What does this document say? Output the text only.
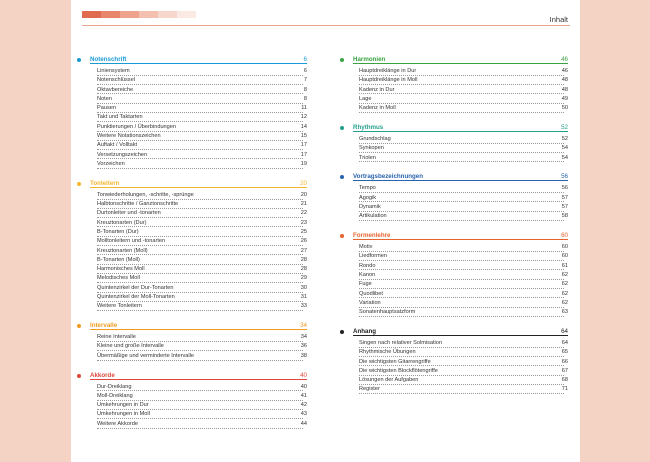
Inhalt
Notenschrift	6
Liniensystem	6
Notenschlüssel	7
Oktavbereiche	8
Noten	8
Pausen	11
Takt und Taktarten	12
Punktierungen / Überbindungen	14
Weitere Notationszeichen	15
Auftakt / Volltakt	17
Versetzungszeichen	17
Vorzeichen	19
Tonleitern	20
Tonwiederholungen, -schritte, -sprünge	20
Halbtonschritte / Ganztonschritte	21
Durtonleiter und -tonarten	22
Kreuztonarten (Dur)	23
B-Tonarten (Dur)	25
Molltonleitern und -tonarten	26
Kreuztonarten (Moll)	27
B-Tonarten (Moll)	28
Harmonisches Moll	28
Melodisches Moll	29
Quintenzirkel der Dur-Tonarten	30
Quintenzirkel der Moll-Tonarten	31
Weitere Tonleitern	33
Intervalle	34
Reine Intervalle	34
Kleine und große Intervalle	36
Übermäßige und verminderte Intervalle	38
Akkorde	40
Dur-Dreiklang	40
Moll-Dreiklang	41
Umkehrungen in Dur	42
Umkehrungen in Moll	43
Weitere Akkorde	44
Harmonien	46
Hauptdreiklänge in Dur	46
Hauptdreiklänge in Moll	48
Kadenz in Dur	48
Lage	49
Kadenz in Moll	50
Rhythmus	52
Grundschlag	52
Synkopen	54
Triolen	54
Vortragsbezeichnungen	56
Tempo	56
Agogik	57
Dynamik	57
Artikulation	58
Formenlehre	60
Motiv	60
Liedformen	60
Rondo	61
Kanon	62
Fuge	62
Quodlibet	62
Variation	62
Sonatenhauptsatzform	63
Anhang	64
Singen nach relativer Solmisation	64
Rhythmische Übungen	65
Die wichtigsten Gitarrengriffe	66
Die wichtigsten Blockflötengriffe	67
Lösungen der Aufgaben	68
Register	71
